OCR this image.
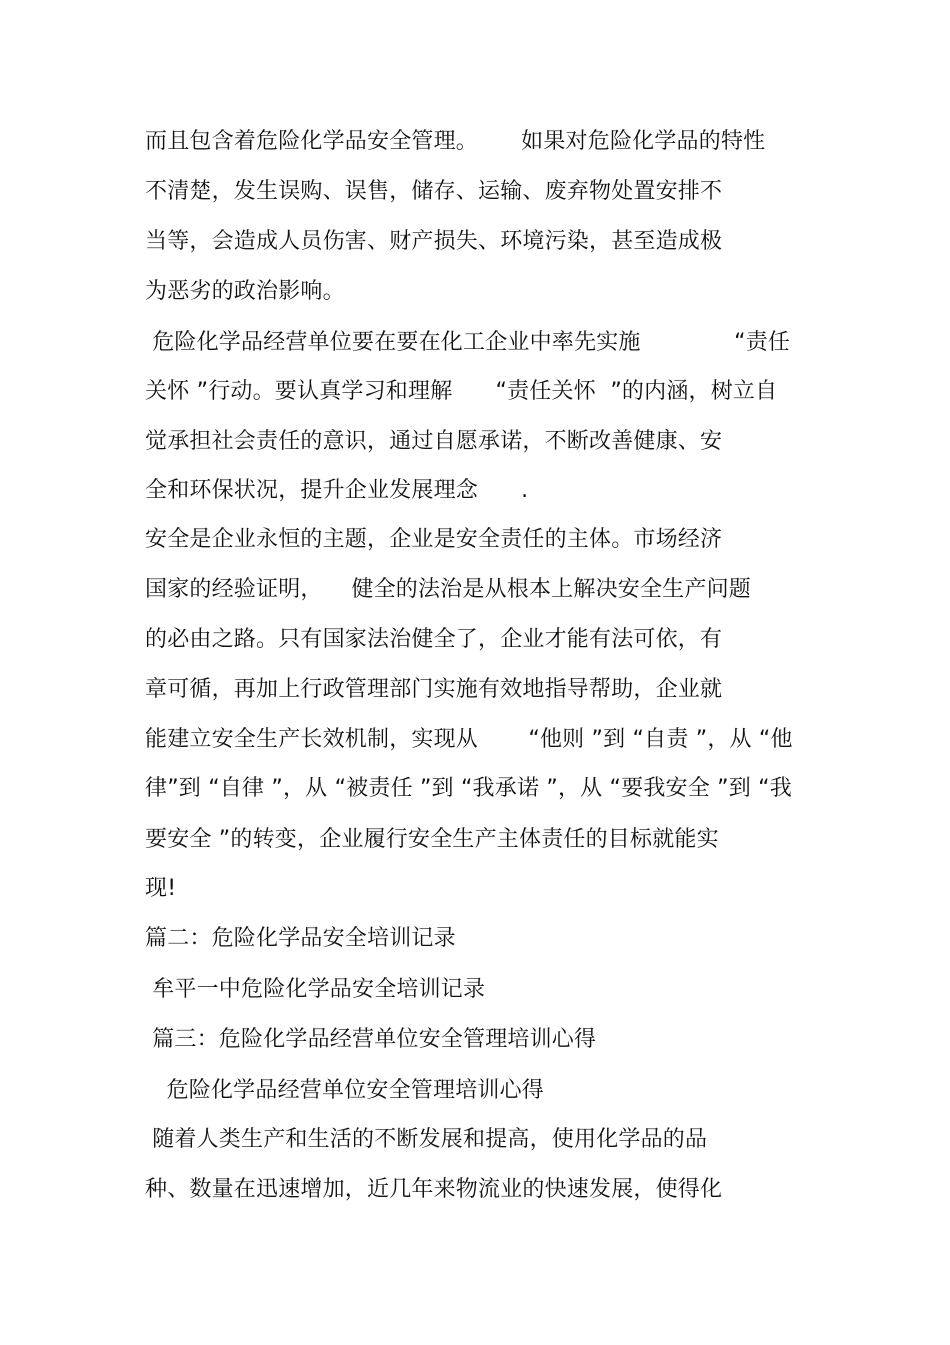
而且包含着危险化学品安全管理。      如果对危险化学品的特性

不清楚，发生误购、误售，储存、运输、废弃物处置安排不

当等，会造成人员伤害、财产损失、环境污染，甚至造成极

为恶劣的政治影响。

危险化学品经营单位要在要在化工企业中率先实施             “责任

关怀 ”行动。要认真学习和理解      “责任关怀  ”的内涵，树立自

觉承担社会责任的意识，通过自愿承诺，不断改善健康、安

全和环保状况，提升企业发展理念      .

安全是企业永恒的主题，企业是安全责任的主体。市场经济

国家的经验证明，    健全的法治是从根本上解决安全生产问题

的必由之路。只有国家法治健全了，企业才能有法可依，有

章可循，再加上行政管理部门实施有效地指导帮助，企业就

能建立安全生产长效机制，实现从       “他则 ”到 “自责 ”，从 “他

律”到 “自律 ”，从 “被责任 ”到 “我承诺 ”，从 “要我安全 ”到 “我

要安全 ”的转变，企业履行安全生产主体责任的目标就能实

现!

篇二：危险化学品安全培训记录

牟平一中危险化学品安全培训记录

篇三：危险化学品经营单位安全管理培训心得

危险化学品经营单位安全管理培训心得

随着人类生产和生活的不断发展和提高，使用化学品的品

种、数量在迅速增加，近几年来物流业的快速发展，使得化
